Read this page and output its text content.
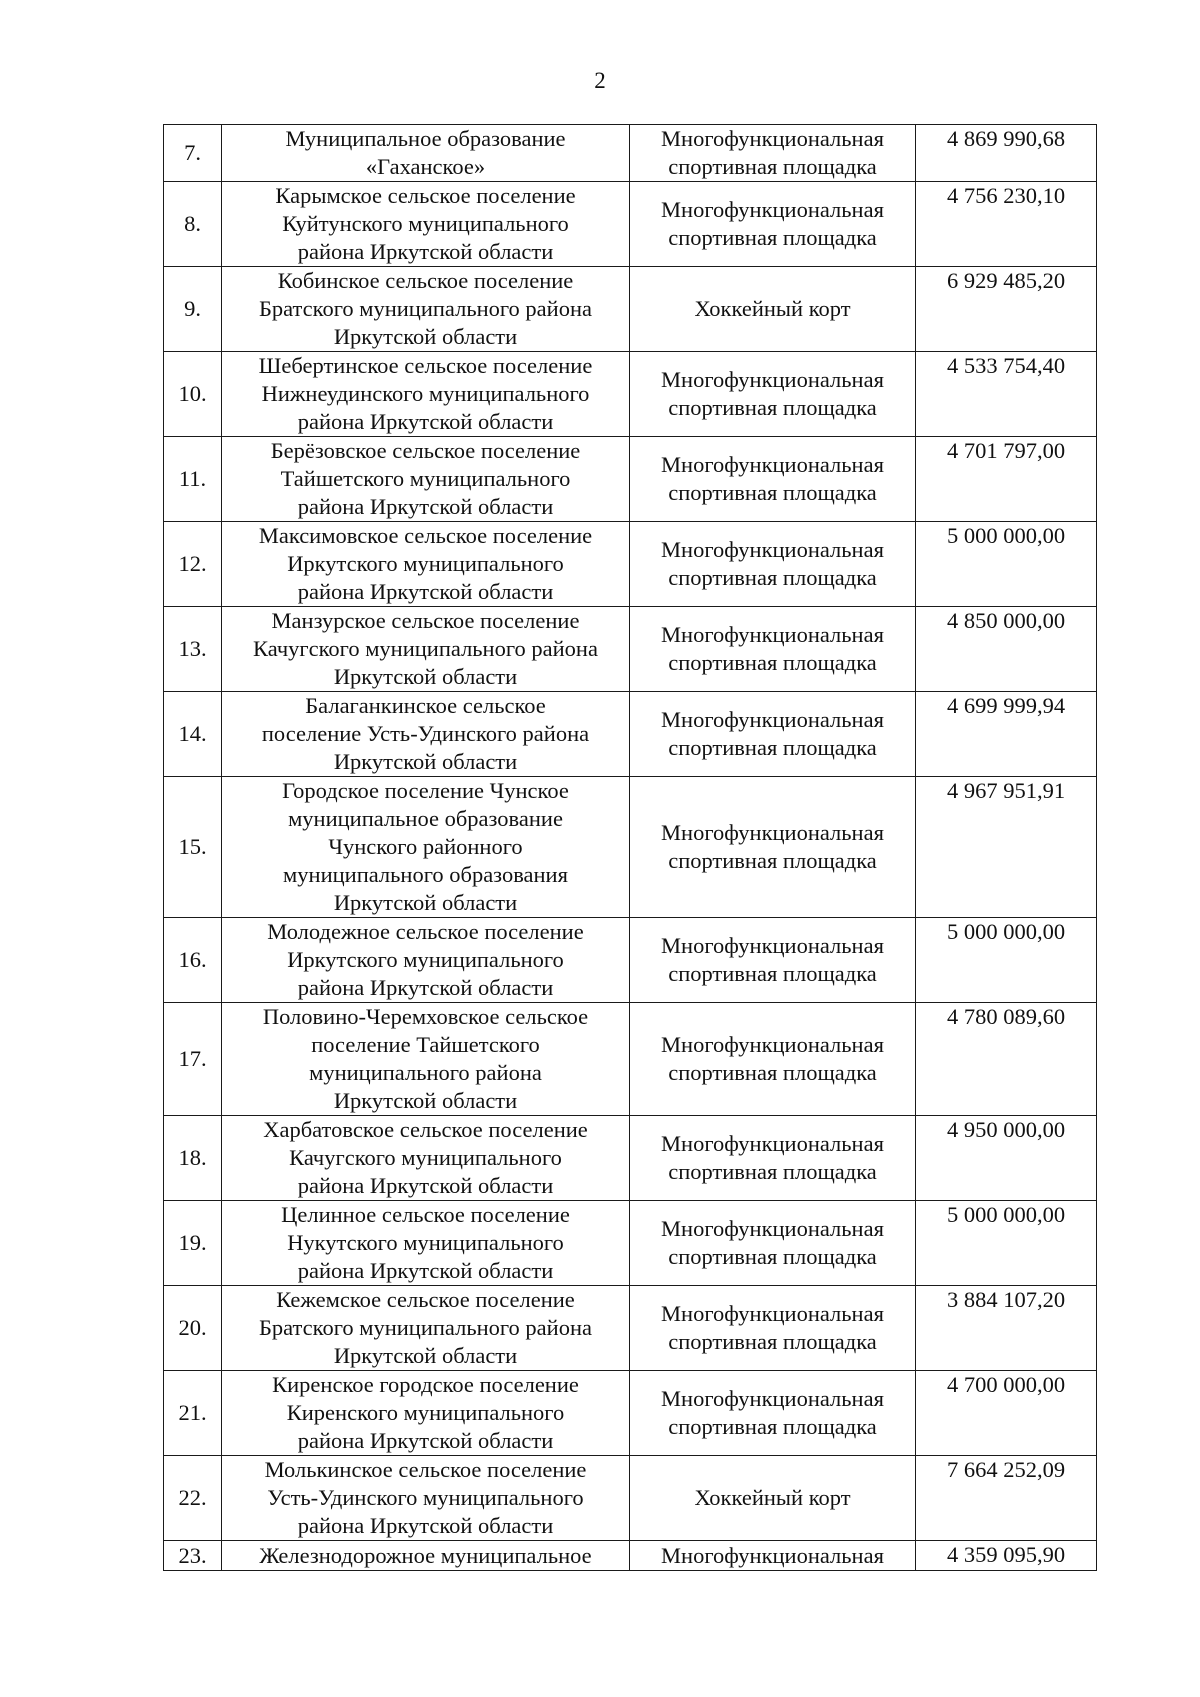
2
7.	Муниципальное образование
«Гаханское»	Многофункциональная
спортивная площадка	4 869 990,68

8.	Карымское сельское поселение
Куйтунского муниципального
района Иркутской области	Многофункциональная
спортивная площадка	4 756 230,10

9.	Кобинское сельское поселение
Братского муниципального района
Иркутской области	Хоккейный корт	6 929 485,20

10.	Шебертинское сельское поселение
Нижнеудинского муниципального
района Иркутской области	Многофункциональная
спортивная площадка	4 533 754,40

11.	Берёзовское сельское поселение
Тайшетского муниципального
района Иркутской области	Многофункциональная
спортивная площадка	4 701 797,00

12.	Максимовское сельское поселение
Иркутского муниципального
района Иркутской области	Многофункциональная
спортивная площадка	5 000 000,00

13.	Манзурское сельское поселение
Качугского муниципального района
Иркутской области	Многофункциональная
спортивная площадка	4 850 000,00

14.	Балаганкинское сельское
поселение Усть-Удинского района
Иркутской области	Многофункциональная
спортивная площадка	4 699 999,94

15.	Городское поселение Чунское
муниципальное образование
Чунского районного
муниципального образования
Иркутской области	Многофункциональная
спортивная площадка	4 967 951,91

16.	Молодежное сельское поселение
Иркутского муниципального
района Иркутской области	Многофункциональная
спортивная площадка	5 000 000,00

17.	Половино-Черемховское сельское
поселение Тайшетского
муниципального района
Иркутской области	Многофункциональная
спортивная площадка	4 780 089,60

18.	Харбатовское сельское поселение
Качугского муниципального
района Иркутской области	Многофункциональная
спортивная площадка	4 950 000,00

19.	Целинное сельское поселение
Нукутского муниципального
района Иркутской области	Многофункциональная
спортивная площадка	5 000 000,00

20.	Кежемское сельское поселение
Братского муниципального района
Иркутской области	Многофункциональная
спортивная площадка	3 884 107,20

21.	Киренское городское поселение
Киренского муниципального
района Иркутской области	Многофункциональная
спортивная площадка	4 700 000,00

22.	Молькинское сельское поселение
Усть-Удинского муниципального
района Иркутской области	Хоккейный корт	7 664 252,09

23.	Железнодорожное муниципальное	Многофункциональная	4 359 095,90
